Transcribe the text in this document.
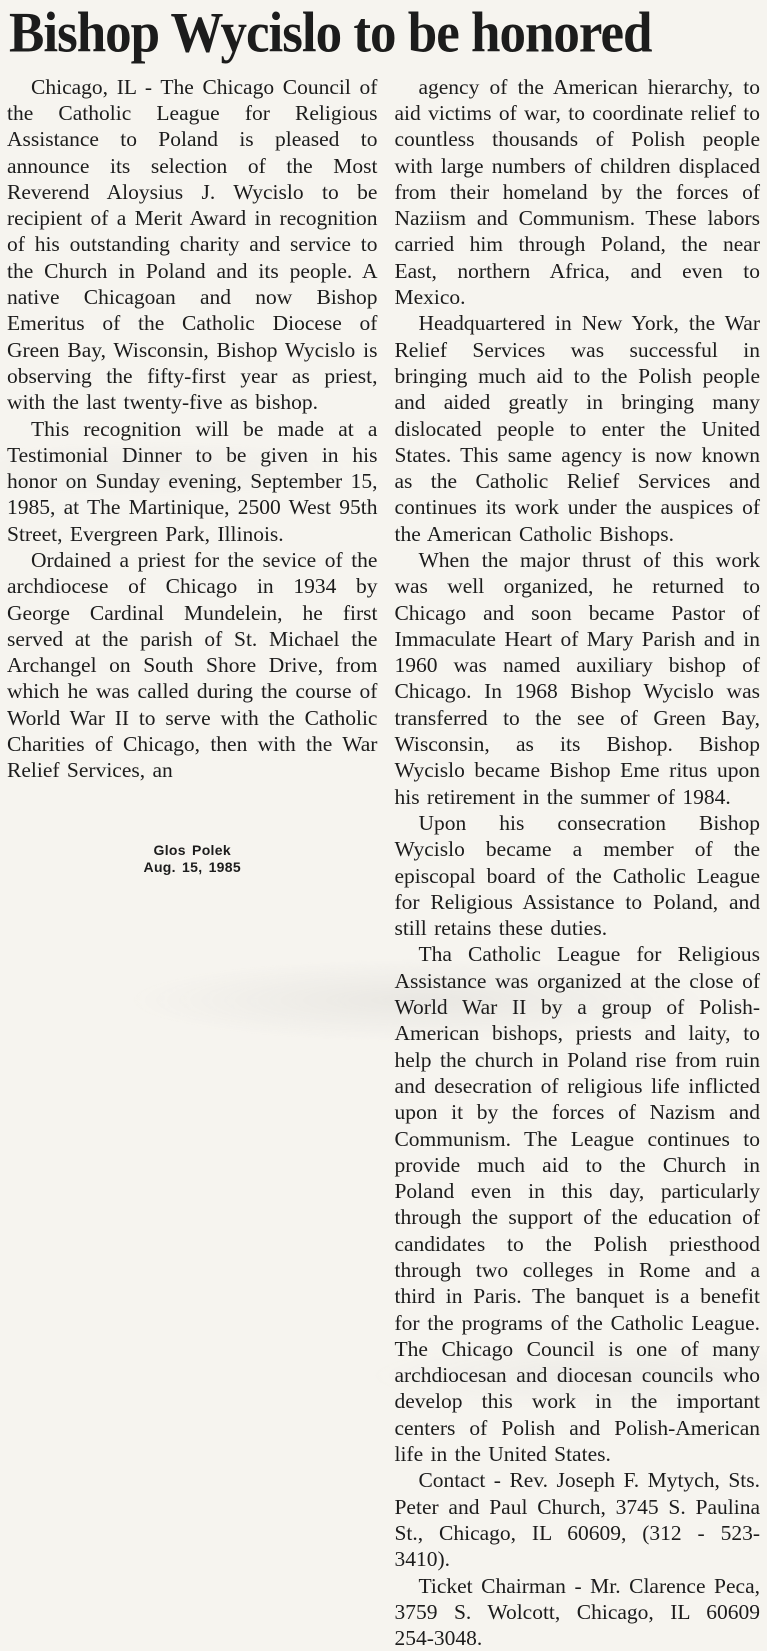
Bishop Wycislo to be honored

Chicago, IL - The Chicago Council of the Catholic League for Religious Assistance to Poland is pleased to announce its selection of the Most Reverend Aloysius J. Wycislo to be recipient of a Merit Award in recognition of his outstanding charity and service to the Church in Poland and its people. A native Chicagoan and now Bishop Emeritus of the Catholic Diocese of Green Bay, Wisconsin, Bishop Wycislo is observing the fifty-first year as priest, with the last twenty-five as bishop.

This recognition will be made at a Testimonial Dinner to be given in his honor on Sunday evening, September 15, 1985, at The Martinique, 2500 West 95th Street, Evergreen Park, Illinois.

Ordained a priest for the sevice of the archdiocese of Chicago in 1934 by George Cardinal Mundelein, he first served at the parish of St. Michael the Archangel on South Shore Drive, from which he was called during the course of World War II to serve with the Catholic Charities of Chicago, then with the War Relief Services, an

Glos Polek
Aug. 15, 1985

agency of the American hierarchy, to aid victims of war, to coordinate relief to countless thousands of Polish people with large numbers of children displaced from their homeland by the forces of Naziism and Communism. These labors carried him through Poland, the near East, northern Africa, and even to Mexico.

Headquartered in New York, the War Relief Services was successful in bringing much aid to the Polish people and aided greatly in bringing many dislocated people to enter the United States. This same agency is now known as the Catholic Relief Services and continues its work under the auspices of the American Catholic Bishops.

When the major thrust of this work was well organized, he returned to Chicago and soon became Pastor of Immaculate Heart of Mary Parish and in 1960 was named auxiliary bishop of Chicago. In 1968 Bishop Wycislo was transferred to the see of Green Bay, Wisconsin, as its Bishop. Bishop Wycislo became Bishop Eme ritus upon his retirement in the summer of 1984.

Upon his consecration Bishop Wycislo became a member of the episcopal board of the Catholic League for Religious Assistance to Poland, and still retains these duties.

Tha Catholic League for Religious Assistance was organized at the close of World War II by a group of Polish-American bishops, priests and laity, to help the church in Poland rise from ruin and desecration of religious life inflicted upon it by the forces of Nazism and Communism. The League continues to provide much aid to the Church in Poland even in this day, particularly through the support of the education of candidates to the Polish priesthood through two colleges in Rome and a third in Paris. The banquet is a benefit for the programs of the Catholic League. The Chicago Council is one of many archdiocesan and diocesan councils who develop this work in the important centers of Polish and Polish-American life in the United States.

Contact - Rev. Joseph F. Mytych, Sts. Peter and Paul Church, 3745 S. Paulina St., Chicago, IL 60609, (312 - 523-3410).

Ticket Chairman - Mr. Clarence Peca, 3759 S. Wolcott, Chicago, IL 60609 254-3048.
